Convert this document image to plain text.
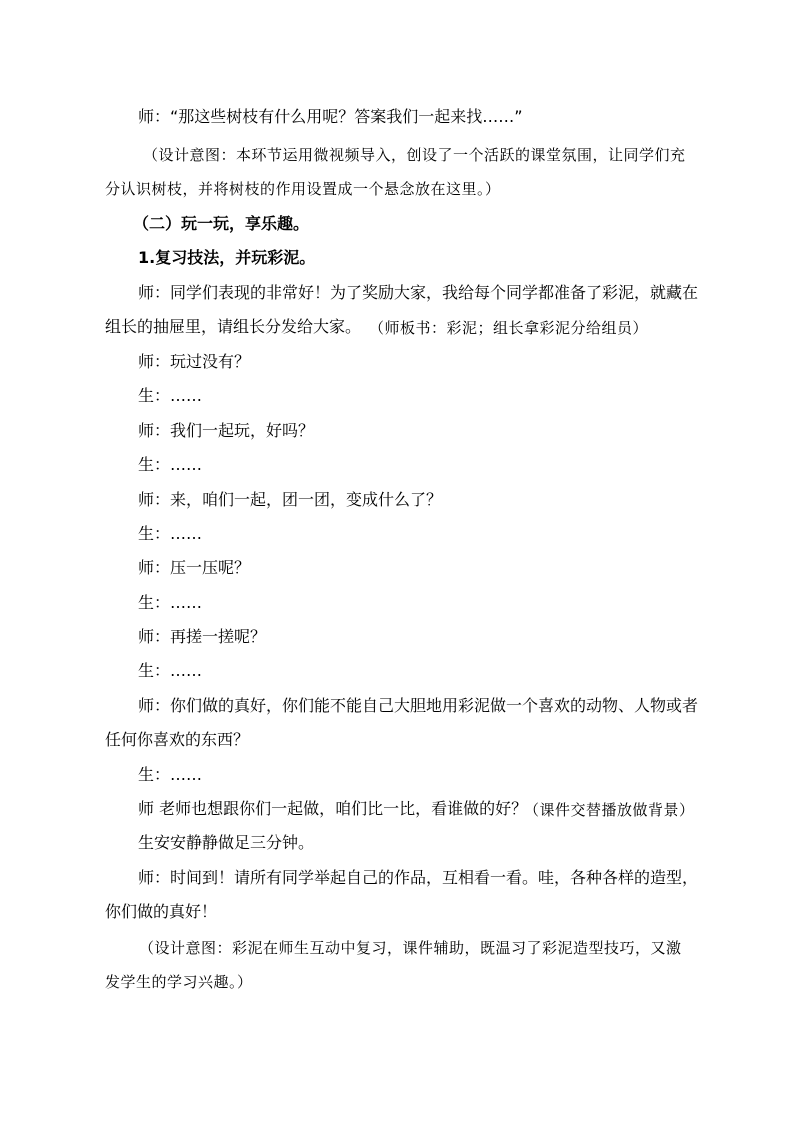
师：“那这些树枝有什么用呢？答案我们一起来找……”
（设计意图：本环节运用微视频导入，创设了一个活跃的课堂氛围，让同学们充
分认识树枝，并将树枝的作用设置成一个悬念放在这里。）
（二）玩一玩，享乐趣。
1.复习技法，并玩彩泥。
师：同学们表现的非常好！为了奖励大家，我给每个同学都准备了彩泥，就藏在
组长的抽屉里，请组长分发给大家。 （师板书：彩泥；组长拿彩泥分给组员）
师：玩过没有？
生：……
师：我们一起玩，好吗？
生：……
师：来，咱们一起，团一团，变成什么了？
生：……
师：压一压呢？
生：……
师：再搓一搓呢？
生：……
师：你们做的真好，你们能不能自己大胆地用彩泥做一个喜欢的动物、人物或者
任何你喜欢的东西？
生：……
师 老师也想跟你们一起做，咱们比一比，看谁做的好？
（课件交替播放做背景）
生安安静静做足三分钟。
师：时间到！请所有同学举起自己的作品，互相看一看。哇，各种各样的造型，
你们做的真好！
（设计意图：彩泥在师生互动中复习，课件辅助，既温习了彩泥造型技巧，又激
发学生的学习兴趣。）
